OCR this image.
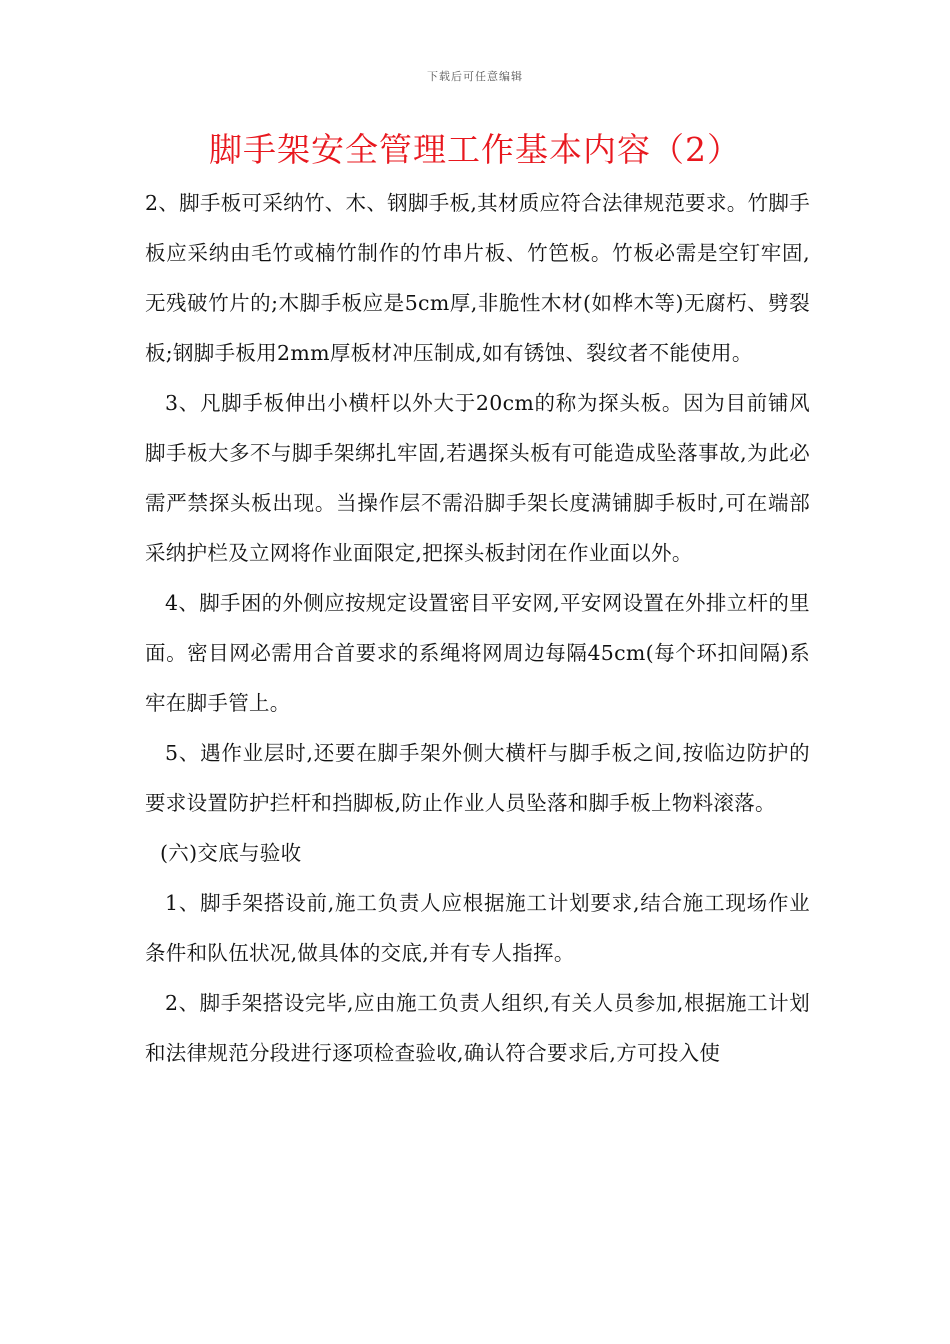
下载后可任意编辑
脚手架安全管理工作基本内容（2）

2、脚手板可采纳竹、木、钢脚手板,其材质应符合法律规范要求。竹脚手板应采纳由毛竹或楠竹制作的竹串片板、竹笆板。竹板必需是空钉牢固,无残破竹片的;木脚手板应是5cm厚,非脆性木材(如桦木等)无腐朽、劈裂板;钢脚手板用2mm厚板材冲压制成,如有锈蚀、裂纹者不能使用。

3、凡脚手板伸出小横杆以外大于20cm的称为探头板。因为目前铺风脚手板大多不与脚手架绑扎牢固,若遇探头板有可能造成坠落事故,为此必需严禁探头板出现。当操作层不需沿脚手架长度满铺脚手板时,可在端部采纳护栏及立网将作业面限定,把探头板封闭在作业面以外。

4、脚手困的外侧应按规定设置密目平安网,平安网设置在外排立杆的里面。密目网必需用合首要求的系绳将网周边每隔45cm(每个环扣间隔)系牢在脚手管上。

5、遇作业层时,还要在脚手架外侧大横杆与脚手板之间,按临边防护的要求设置防护拦杆和挡脚板,防止作业人员坠落和脚手板上物料滚落。

(六)交底与验收

1、脚手架搭设前,施工负责人应根据施工计划要求,结合施工现场作业条件和队伍状况,做具体的交底,并有专人指挥。

2、脚手架搭设完毕,应由施工负责人组织,有关人员参加,根据施工计划和法律规范分段进行逐项检查验收,确认符合要求后,方可投入使
